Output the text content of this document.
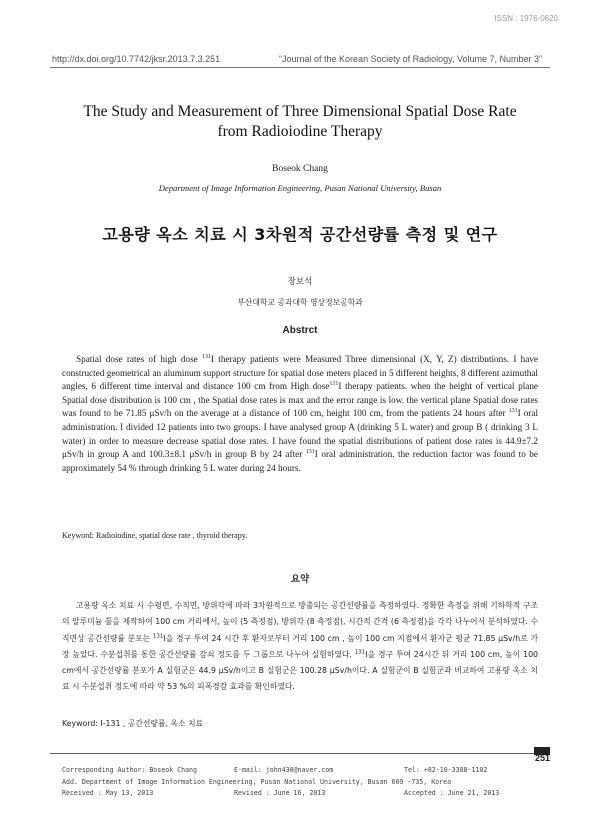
ISSN : 1976-0620
http://dx.doi.org/10.7742/jksr.2013.7.3.251	“Journal of the Korean Society of Radiology, Volume 7, Number 3”
The Study and Measurement of Three Dimensional Spatial Dose Rate
from Radioiodine Therapy
Boseok Chang
Department of Image Information Engineering, Pusan National University, Busan
고용량 옥소 치료 시 3차원적 공간선량률 측정 및 연구
장보석
부산대학교 공과대학 영상정보공학과
Abstrct
Spatial dose rates of high dose $^{131}$I therapy patients were Measured Three dimensional (X, Y, Z) distributions. I have constructed geometrical an aluminum support structure for spatial dose meters placed in 5 different heights, 8 different azimuthal angles, 6 different time interval and distance 100 cm from High dose$^{131}$I therapy patients. when the height of vertical plane Spatial dose distribution is 100 cm , the Spatial dose rates is max and the error range is low. the vertical plane Spatial dose rates was found to be 71.85 μSv/h on the average at a distance of 100 cm, height 100 cm, from the patients 24 hours after $^{131}$I oral administration. I divided 12 patients into two groups. I have analysed group A (drinking 5 L water) and group B ( drinking 3 L water) in order to measure decrease spatial dose rates. I have found the spatial distributions of patient dose rates is 44.9±7.2 μSv/h in group A and 100.3±8.1 μSv/h in group B by 24 after $^{131}$I oral administration. the reduction factor was found to be approximately 54 % through drinking 5 L water during 24 hours.
Keyword: Radioiodine, spatial dose rate , thyroid therapy.
요약
고용량 옥소 치료 시 수평면, 수직면, 방위각에 따라 3차원적으로 방출되는 공간선량률을 측정하였다. 정확한 측정을 위해 기하학적 구조의 알루미늄 틀을 제작하여 100 cm 거리에서, 높이 (5 측정점), 방위각 (8 측정점), 시간적 간격 (6 측정점)을 각각 나누어서 분석하였다. 수직면상 공간선량률 분포는 $^{131}$I을 경구 투여 24 시간 후 환자로부터 거리 100 cm , 높이 100 cm 지점에서 환자군 평균 71.85 μSv/h로 가장 높았다. 수분섭취를 통한 공간선량률 감쇠 정도를 두 그룹으로 나누어 실험하였다. $^{131}$I을 경구 투여 24시간 뒤 거리 100 cm, 높이 100 cm에서 공간선량률 분포가 A 실험군은 44.9 μSv/h이고 B 실험군은 100.28 μSv/h이다. A 실험군이 B 실험군과 비교하여 고용량 옥소 치료 시 수분섭취 정도에 따라 약 53 %의 피폭경감 효과를 확인하였다.
Keyword: I-131 , 공간선량률, 옥소 치료
251
Corresponding Author: Boseok Chang	E-mail: john430@naver.com	Tel: +82-10-3388-1102
Add. Department of Image Information Engineering, Pusan National University, Busan 609 -735, Korea
Received : May 13, 2013	Revised : June 16, 2013	Accepted : June 21, 2013
